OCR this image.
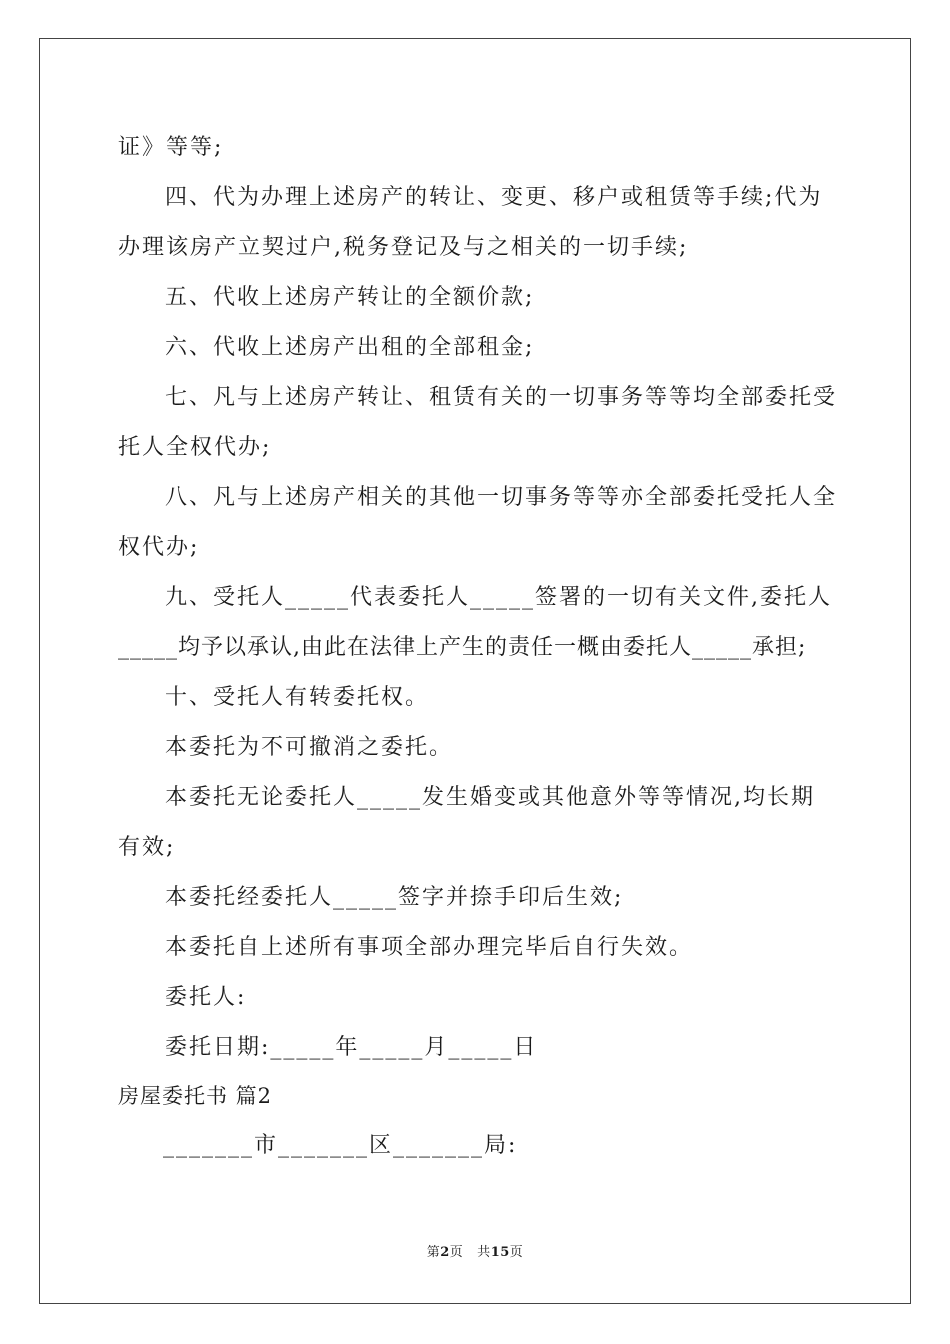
证》等等;
四、代为办理上述房产的转让、变更、移户或租赁等手续;代为
办理该房产立契过户,税务登记及与之相关的一切手续;
五、代收上述房产转让的全额价款;
六、代收上述房产出租的全部租金;
七、凡与上述房产转让、租赁有关的一切事务等等均全部委托受
托人全权代办;
八、凡与上述房产相关的其他一切事务等等亦全部委托受托人全
权代办;
九、受托人_____代表委托人_____签署的一切有关文件,委托人
_____均予以承认,由此在法律上产生的责任一概由委托人_____承担;
十、受托人有转委托权。
本委托为不可撤消之委托。
本委托无论委托人_____发生婚变或其他意外等等情况,均长期
有效;
本委托经委托人_____签字并捺手印后生效;
本委托自上述所有事项全部办理完毕后自行失效。
委托人:
委托日期:_____年_____月_____日
房屋委托书 篇2
_______市_______区_______局:
第2页 共15页
